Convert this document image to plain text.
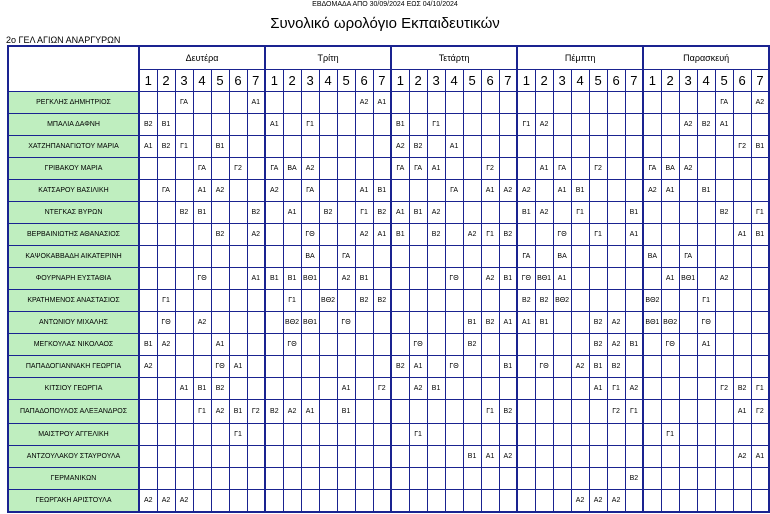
ΕΒΔΟΜΑΔΑ ΑΠΟ 30/09/2024 ΕΩΣ 04/10/2024
Συνολικό ωρολόγιο Εκπαιδευτικών
2ο ΓΕΛ ΑΓΙΩΝ ΑΝΑΡΓΥΡΩΝ
	Δευτέρα							Τρίτη							Τετάρτη							Πέμπτη							Παρασκευή						
	1	2	3	4	5	6	7	1	2	3	4	5	6	7	1	2	3	4	5	6	7	1	2	3	4	5	6	7	1	2	3	4	5	6	7
ΡΕΓΚΛΗΣ ΔΗΜΗΤΡΙΟΣ			ΓΑ				Α1						Α2	Α1																			ΓΑ		Α2
ΜΠΑΛΙΑ ΔΑΦΝΗ	Β2	Β1						Α1		Γ1					Β1		Γ1					Γ1	Α2								Α2	Β2	Α1		
ΧΑΤΖΗΠΑΝΑΓΙΩΤΟΥ ΜΑΡΙΑ	Α1	Β2	Γ1		Β1										Α2	Β2		Α1																Γ2	Β1
ΓΡΙΒΑΚΟΥ ΜΑΡΙΑ				ΓΑ		Γ2		ΓΑ	ΒΑ	Α2					ΓΑ	ΓΑ	Α1			Γ2			Α1	ΓΑ		Γ2			ΓΑ	ΒΑ	Α2				
ΚΑΤΣΑΡΟΥ ΒΑΣΙΛΙΚΗ		ΓΑ		Α1	Α2			Α2		ΓΑ			Α1	Β1				ΓΑ		Α1	Α2	Α2		Α1	Β1				Α2	Α1		Β1			
ΝΤΕΓΚΑΣ ΒΥΡΩΝ			Β2	Β1			Β2		Α1		Β2		Γ1	Β2	Α1	Β1	Α2					Β1	Α2		Γ1			Β1					Β2		Γ1
ΒΕΡΒΑΙΝΙΩΤΗΣ ΑΘΑΝΑΣΙΟΣ					Β2		Α2			ΓΘ			Α2	Α1	Β1		Β2		Α2	Γ1	Β2			ΓΘ		Γ1		Α1						Α1	Β1
ΚΑΨΟΚΑΒΒΑΔΗ ΑΙΚΑΤΕΡΙΝΗ										ΒΑ		ΓΑ										ΓΑ		ΒΑ					ΒΑ		ΓΑ				
ΦΟΥΡΝΑΡΗ ΕΥΣΤΑΘΙΑ				ΓΘ			Α1	Β1	Β1	ΒΘ1		Α2	Β1					ΓΘ		Α2	Β1	ΓΘ	ΒΘ1	Α1						Α1	ΒΘ1		Α2		
ΚΡΑΤΗΜΕΝΟΣ ΑΝΑΣΤΑΣΙΟΣ		Γ1							Γ1		ΒΘ2		Β2	Β2								Β2	Β2	ΒΘ2					ΒΘ2			Γ1			
ΑΝΤΩΝΙΟΥ ΜΙΧΑΛΗΣ		ΓΘ		Α2					ΒΘ2	ΒΘ1		ΓΘ							Β1	Β2	Α1	Α1	Β1			Β2	Α2		ΒΘ1	ΒΘ2		ΓΘ			
ΜΕΓΚΟΥΛΑΣ ΝΙΚΟΛΑΟΣ	Β1	Α2			Α1				ΓΘ							ΓΘ			Β2							Β2	Α2	Β1		ΓΘ		Α1			
ΠΑΠΑΔΟΓΙΑΝΝΑΚΗ ΓΕΩΡΓΙΑ	Α2				ΓΘ	Α1									Β2	Α1		ΓΘ			Β1		ΓΘ		Α2	Β1	Β2								
ΚΙΤΣΙΟΥ ΓΕΩΡΓΙΑ			Α1	Β1	Β2							Α1		Γ2		Α2	Β1									Α1	Γ1	Α2					Γ2	Β2	Γ1
ΠΑΠΑΔΟΠΟΥΛΟΣ ΑΛΕΞΑΝΔΡΟΣ				Γ1	Α2	Β1	Γ2	Β2	Α2	Α1		Β1								Γ1	Β2						Γ2	Γ1						Α1	Γ2
ΜΑΙΣΤΡΟΥ ΑΓΓΕΛΙΚΗ						Γ1										Γ1														Γ1					
ΑΝΤΖΟΥΛΑΚΟΥ ΣΤΑΥΡΟΥΛΑ																			Β1	Α1	Α2													Α2	Α1
ΓΕΡΜΑΝΙΚΩΝ																												Β2							
ΓΕΩΡΓΑΚΗ ΑΡΙΣΤΟΥΛΑ	Α2	Α2	Α2																						Α2	Α2	Α2								
